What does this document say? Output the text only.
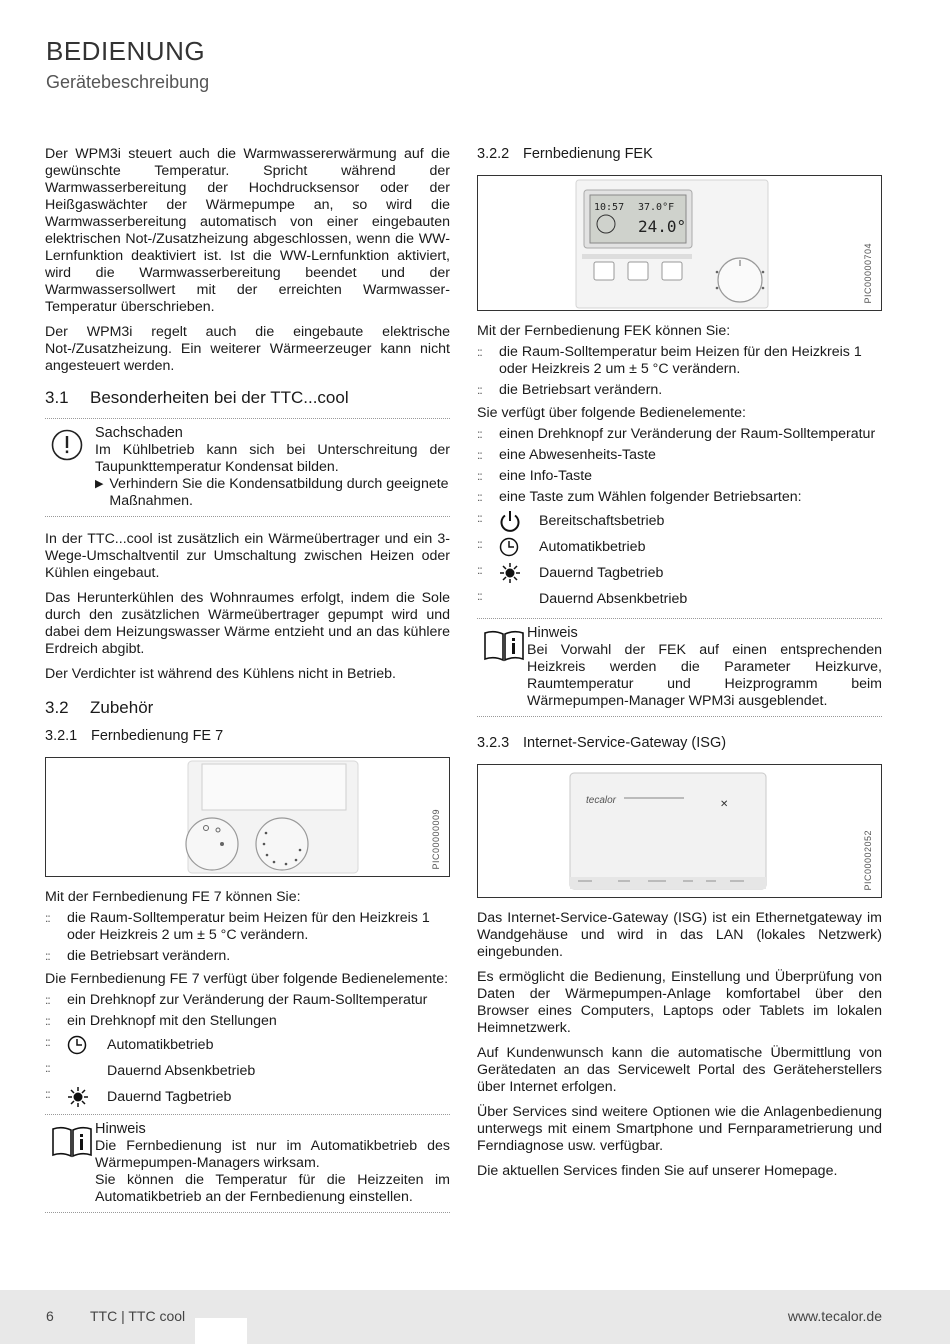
BEDIENUNG
Gerätebeschreibung

Der WPM3i steuert auch die Warmwassererwärmung auf die gewünschte Temperatur. Spricht während der Warmwasserbereitung der Hochdrucksensor oder der Heißgaswächter der Wärmepumpe an, so wird die Warmwasserbereitung automatisch von einer eingebauten elektrischen Not-/Zusatzheizung abgeschlossen, wenn die WW-Lernfunktion deaktiviert ist. Ist die WW-Lernfunktion aktiviert, wird die Warmwasserbereitung beendet und der Warmwassersollwert mit der erreichten Warmwasser-Temperatur überschrieben.

Der WPM3i regelt auch die eingebaute elektrische Not-/Zusatzheizung. Ein weiterer Wärmeerzeuger kann nicht angesteuert werden.

3.1	Besonderheiten bei der TTC...cool
Sachschaden

Im Kühlbetrieb kann sich bei Unterschreitung der Taupunkttemperatur Kondensat bilden.

▶ Verhindern Sie die Kondensatbildung durch geeignete Maßnahmen.

In der TTC...cool ist zusätzlich ein Wärmeübertrager und ein 3-Wege-Umschaltventil zur Umschaltung zwischen Heizen oder Kühlen eingebaut.

Das Herunterkühlen des Wohnraumes erfolgt, indem die Sole durch den zusätzlichen Wärmeübertrager gepumpt wird und dabei dem Heizungswasser Wärme entzieht und an das kühlere Erdreich abgibt.

Der Verdichter ist während des Kühlens nicht in Betrieb.

3.2	Zubehör
3.2.1 Fernbedienung FE 7
PIC00000009

Mit der Fernbedienung FE 7 können Sie:

:: die Raum-Solltemperatur beim Heizen für den Heizkreis 1 oder Heizkreis 2 um ± 5 °C verändern.
:: die Betriebsart verändern.

Die Fernbedienung FE 7 verfügt über folgende Bedienelemente:

:: ein Drehknopf zur Veränderung der Raum-Solltemperatur
:: ein Drehknopf mit den Stellungen
:: Automatikbetrieb
:: Dauernd Absenkbetrieb
:: Dauernd Tagbetrieb
Hinweis

Die Fernbedienung ist nur im Automatikbetrieb des Wärmepumpen-Managers wirksam.

Sie können die Temperatur für die Heizzeiten im Automatikbetrieb an der Fernbedienung einstellen.

3.2.2 Fernbedienung FEK
10:57 37.0°F
24.0°
PIC00000704

Mit der Fernbedienung FEK können Sie:

:: die Raum-Solltemperatur beim Heizen für den Heizkreis 1 oder Heizkreis 2 um ± 5 °C verändern.
:: die Betriebsart verändern.

Sie verfügt über folgende Bedienelemente:

:: einen Drehknopf zur Veränderung der Raum-Solltemperatur
:: eine Abwesenheits-Taste
:: eine Info-Taste
:: eine Taste zum Wählen folgender Betriebsarten:
:: Bereitschaftsbetrieb
:: Automatikbetrieb
:: Dauernd Tagbetrieb
:: Dauernd Absenkbetrieb
Hinweis

Bei Vorwahl der FEK auf einen entsprechenden Heizkreis werden die Parameter Heizkurve, Raumtemperatur und Heizprogramm beim Wärmepumpen-Manager WPM3i ausgeblendet.

3.2.3 Internet-Service-Gateway (ISG)
tecalor	✕
PIC00002052

Das Internet-Service-Gateway (ISG) ist ein Ethernetgateway im Wandgehäuse und wird in das LAN (lokales Netzwerk) eingebunden.

Es ermöglicht die Bedienung, Einstellung und Überprüfung von Daten der Wärmepumpen-Anlage komfortabel über den Browser eines Computers, Laptops oder Tablets im lokalen Heimnetzwerk.

Auf Kundenwunsch kann die automatische Übermittlung von Gerätedaten an das Servicewelt Portal des Geräteherstellers über Internet erfolgen.

Über Services sind weitere Optionen wie die Anlagenbedienung unterwegs mit einem Smartphone und Fernparametrierung und Ferndiagnose usw. verfügbar.

Die aktuellen Services finden Sie auf unserer Homepage.

6	TTC | TTC cool	www.tecalor.de
